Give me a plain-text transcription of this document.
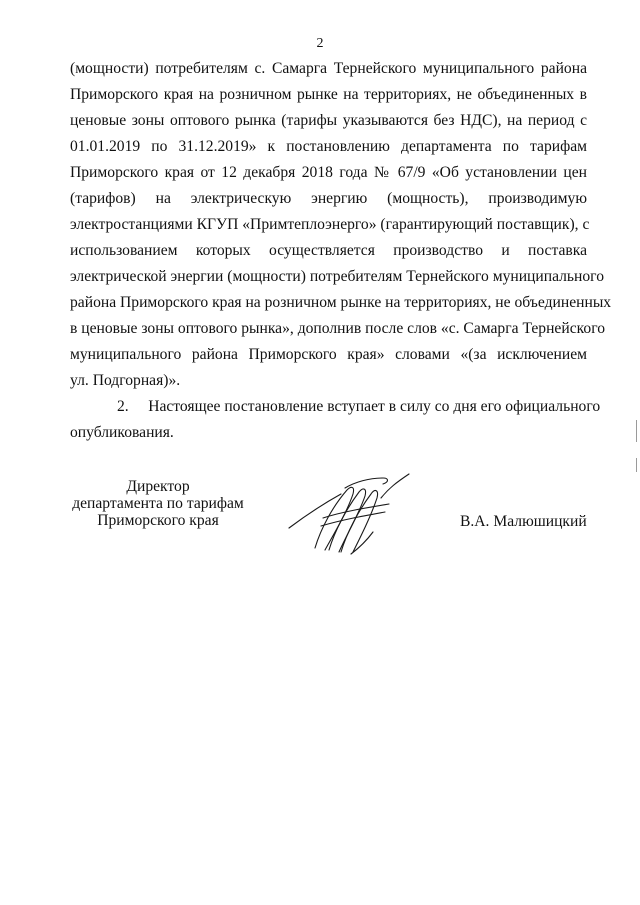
2

(мощности) потребителям с. Самарга Тернейского муниципального района
Приморского края на розничном рынке на территориях, не объединенных в
ценовые зоны оптового рынка (тарифы указываются без НДС), на период с
01.01.2019 по 31.12.2019» к постановлению департамента по тарифам
Приморского края от 12 декабря 2018 года № 67/9 «Об установлении цен
(тарифов) на электрическую энергию (мощность), производимую
электростанциями КГУП «Примтеплоэнерго» (гарантирующий поставщик), с
использованием которых осуществляется производство и поставка
электрической энергии (мощности) потребителям Тернейского муниципального
района Приморского края на розничном рынке на территориях, не объединенных
в ценовые зоны оптового рынка», дополнив после слов «с. Самарга Тернейского
муниципального района Приморского края» словами «(за исключением
ул. Подгорная)».

2.     Настоящее постановление вступает в силу со дня его официального
опубликования.

Директор
департамента по тарифам
Приморского края	В.А. Малюшицкий
